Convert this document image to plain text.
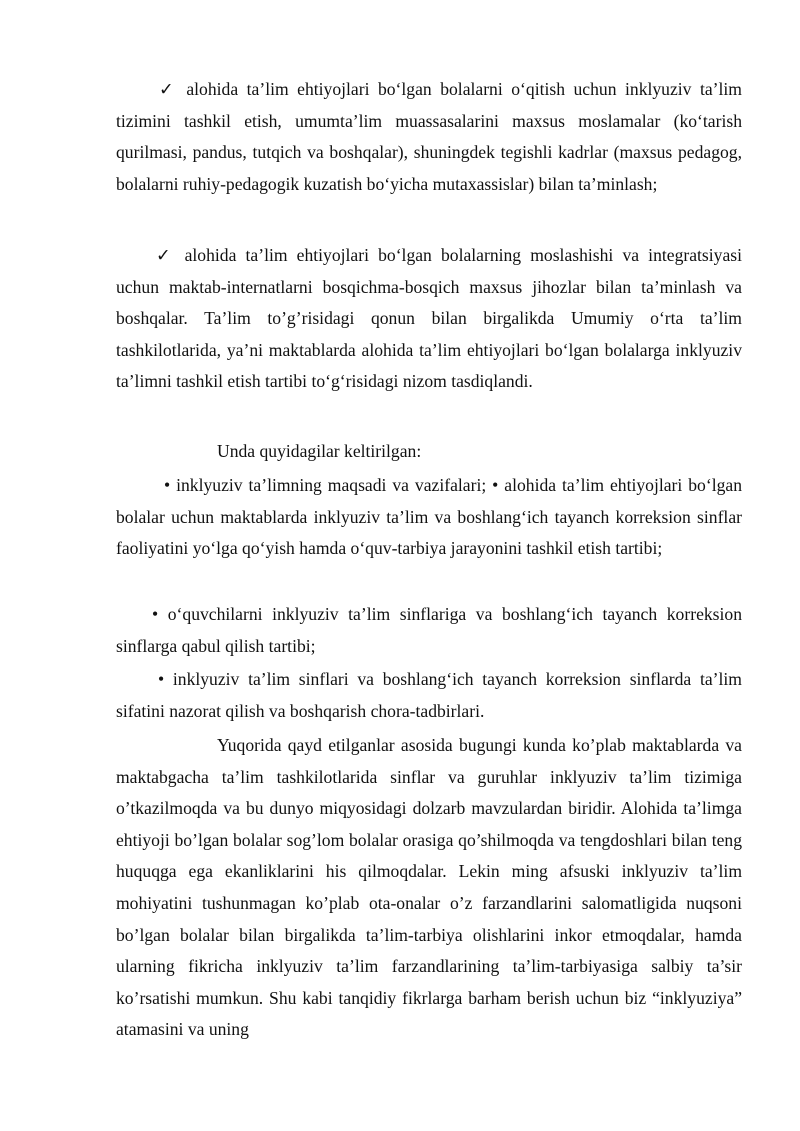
✓ alohida ta’lim ehtiyojlari bo‘lgan bolalarni o‘qitish uchun inklyuziv ta’lim tizimini tashkil etish, umumta’lim muassasalarini maxsus moslamalar (ko‘tarish qurilmasi, pandus, tutqich va boshqalar), shuningdek tegishli kadrlar (maxsus pedagog, bolalarni ruhiy-pedagogik kuzatish bo‘yicha mutaxassislar) bilan ta’minlash;

✓ alohida ta’lim ehtiyojlari bo‘lgan bolalarning moslashishi va integratsiyasi uchun maktab-internatlarni bosqichma-bosqich maxsus jihozlar bilan ta’minlash va boshqalar. Ta’lim to’g’risidagi qonun bilan birgalikda Umumiy o‘rta ta’lim tashkilotlarida, ya’ni maktablarda alohida ta’lim ehtiyojlari bo‘lgan bolalarga inklyuziv ta’limni tashkil etish tartibi to‘g‘risidagi nizom tasdiqlandi.

Unda quyidagilar keltirilgan:

• inklyuziv ta’limning maqsadi va vazifalari; • alohida ta’lim ehtiyojlari bo‘lgan bolalar uchun maktablarda inklyuziv ta’lim va boshlang‘ich tayanch korreksion sinflar faoliyatini yo‘lga qo‘yish hamda o‘quv-tarbiya jarayonini tashkil etish tartibi;

• o‘quvchilarni inklyuziv ta’lim sinflariga va boshlang‘ich tayanch korreksion sinflarga qabul qilish tartibi;

• inklyuziv ta’lim sinflari va boshlang‘ich tayanch korreksion sinflarda ta’lim sifatini nazorat qilish va boshqarish chora-tadbirlari.

Yuqorida qayd etilganlar asosida bugungi kunda ko’plab maktablarda va maktabgacha ta’lim tashkilotlarida sinflar va guruhlar inklyuziv ta’lim tizimiga o’tkazilmoqda va bu dunyo miqyosidagi dolzarb mavzulardan biridir. Alohida ta’limga ehtiyoji bo’lgan bolalar sog’lom bolalar orasiga qo’shilmoqda va tengdoshlari bilan teng huquqga ega ekanliklarini his qilmoqdalar. Lekin ming afsuski inklyuziv ta’lim mohiyatini tushunmagan ko’plab ota-onalar o’z farzandlarini salomatligida nuqsoni bo’lgan bolalar bilan birgalikda ta’lim-tarbiya olishlarini inkor etmoqdalar, hamda ularning fikricha inklyuziv ta’lim farzandlarining ta’lim-tarbiyasiga salbiy ta’sir ko’rsatishi mumkun. Shu kabi tanqidiy fikrlarga barham berish uchun biz “inklyuziya” atamasini va uning
